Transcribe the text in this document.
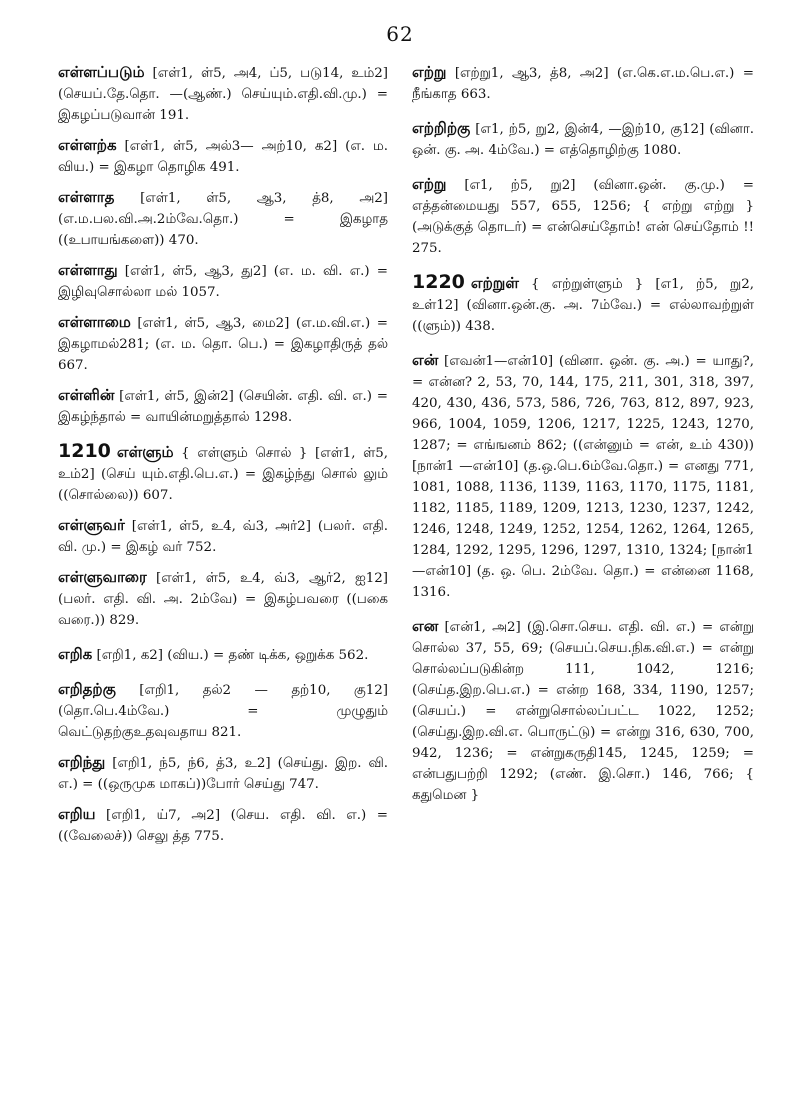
62
எள்ளப்படும் [எள்1, ள்5, அ4, ப்5, படு14, உம்2] (செயப்.தே.தொ. —(ஆண்.) செய்யும்.எதி.வி.மு.) = இகழப்படுவான் 191.
எள்ளற்க [எள்1, ள்5, அல்3— அற்10, க2] (எ. ம. விய.) = இகழா தொழிக 491.
எள்ளாத [எள்1, ள்5, ஆ3, த்8, அ2] (எ.ம.பல.வி.அ.2ம்வே.தொ.) = இகழாத ((உபாயங்களை)) 470.
எள்ளாது [எள்1, ள்5, ஆ3, து2] (எ. ம. வி. எ.) = இழிவுசொல்லா மல் 1057.
எள்ளாமை [எள்1, ள்5, ஆ3, மை2] (எ.ம.வி.எ.) = இகழாமல்281; (எ. ம. தொ. பெ.) = இகழாதிருத் தல் 667.
எள்ளின் [எள்1, ள்5, இன்2] (செயின். எதி. வி. எ.) = இகழ்ந்தால் = வாயின்மறுத்தால் 1298.
1210 எள்ளும் { எள்ளும் சொல் } [எள்1, ள்5, உம்2] (செய் யும்.எதி.பெ.எ.) = இகழ்ந்து சொல் லும் ((சொல்லை)) 607.
எள்ளுவர் [எள்1, ள்5, உ4, வ்3, அர்2] (பலர். எதி. வி. மு.) = இகழ் வர் 752.
எள்ளுவாரை [எள்1, ள்5, உ4, வ்3, ஆர்2, ஐ12] (பலர். எதி. வி. அ. 2ம்வே) = இகழ்பவரை ((பகை வரை.)) 829.
எறிக [எறி1, க2] (விய.) = தண் டிக்க, ஒறுக்க 562.
எறிதற்கு [எறி1, தல்2 — தற்10, கு12] (தொ.பெ.4ம்வே.) = முழுதும் வெட்டுதற்குஉதவுவதாய 821.
எறிந்து [எறி1, ந்5, ந்6, த்3, உ2] (செய்து. இற. வி. எ.) = ((ஒருமுக மாகப்))போர் செய்து 747.
எறிய [எறி1, ய்7, அ2] (செய. எதி. வி. எ.) = ((வேலைச்)) செலு த்த 775.
எற்று [எற்று1, ஆ3, த்8, அ2] (எ.கெ.எ.ம.பெ.எ.) = நீங்காத 663.
எற்றிற்கு [எ1, ற்5, று2, இன்4, —இற்10, கு12] (வினா. ஒன். கு. அ. 4ம்வே.) = எத்தொழிற்கு 1080.
எற்று [எ1, ற்5, று2] (வினா.ஒன். கு.மு.) = எத்தன்மையது 557, 655, 1256; { எற்று எற்று } (அடுக்குத் தொடர்) = என்செய்தோம்! என் செய்தோம் !! 275.
1220 எற்றுள் { எற்றுள்ளும் } [எ1, ற்5, று2, உள்12] (வினா.ஒன்.கு. அ. 7ம்வே.) = எல்லாவற்றுள் ((ளும்)) 438.
என் [எவன்1—என்10] (வினா. ஒன். கு. அ.) = யாது?, = என்ன? 2, 53, 70, 144, 175, 211, 301, 318, 397, 420, 430, 436, 573, 586, 726, 763, 812, 897, 923, 966, 1004, 1059, 1206, 1217, 1225, 1243, 1270, 1287; = எங்ஙனம் 862; ((என்னும் = என், உம் 430)) [நான்1 —என்10] (த.ஒ.பெ.6ம்வே.தொ.) = எனது 771, 1081, 1088, 1136, 1139, 1163, 1170, 1175, 1181, 1182, 1185, 1189, 1209, 1213, 1230, 1237, 1242, 1246, 1248, 1249, 1252, 1254, 1262, 1264, 1265, 1284, 1292, 1295, 1296, 1297, 1310, 1324; [நான்1—என்10] (த. ஒ. பெ. 2ம்வே. தொ.) = என்னை 1168, 1316.
என [என்1, அ2] (இ.சொ.செய. எதி. வி. எ.) = என்று சொல்ல 37, 55, 69; (செயப்.செய.நிக.வி.எ.) = என்று சொல்லப்படுகின்ற 111, 1042, 1216; (செய்த.இற.பெ.எ.) = என்ற 168, 334, 1190, 1257; (செயப்.) = என்றுசொல்லப்பட்ட 1022, 1252; (செய்து.இற.வி.எ. பொருட்டு) = என்று 316, 630, 700, 942, 1236; = என்றுகருதி145, 1245, 1259; = என்பதுபற்றி 1292; (எண். இ.சொ.) 146, 766; { கதுமென }
